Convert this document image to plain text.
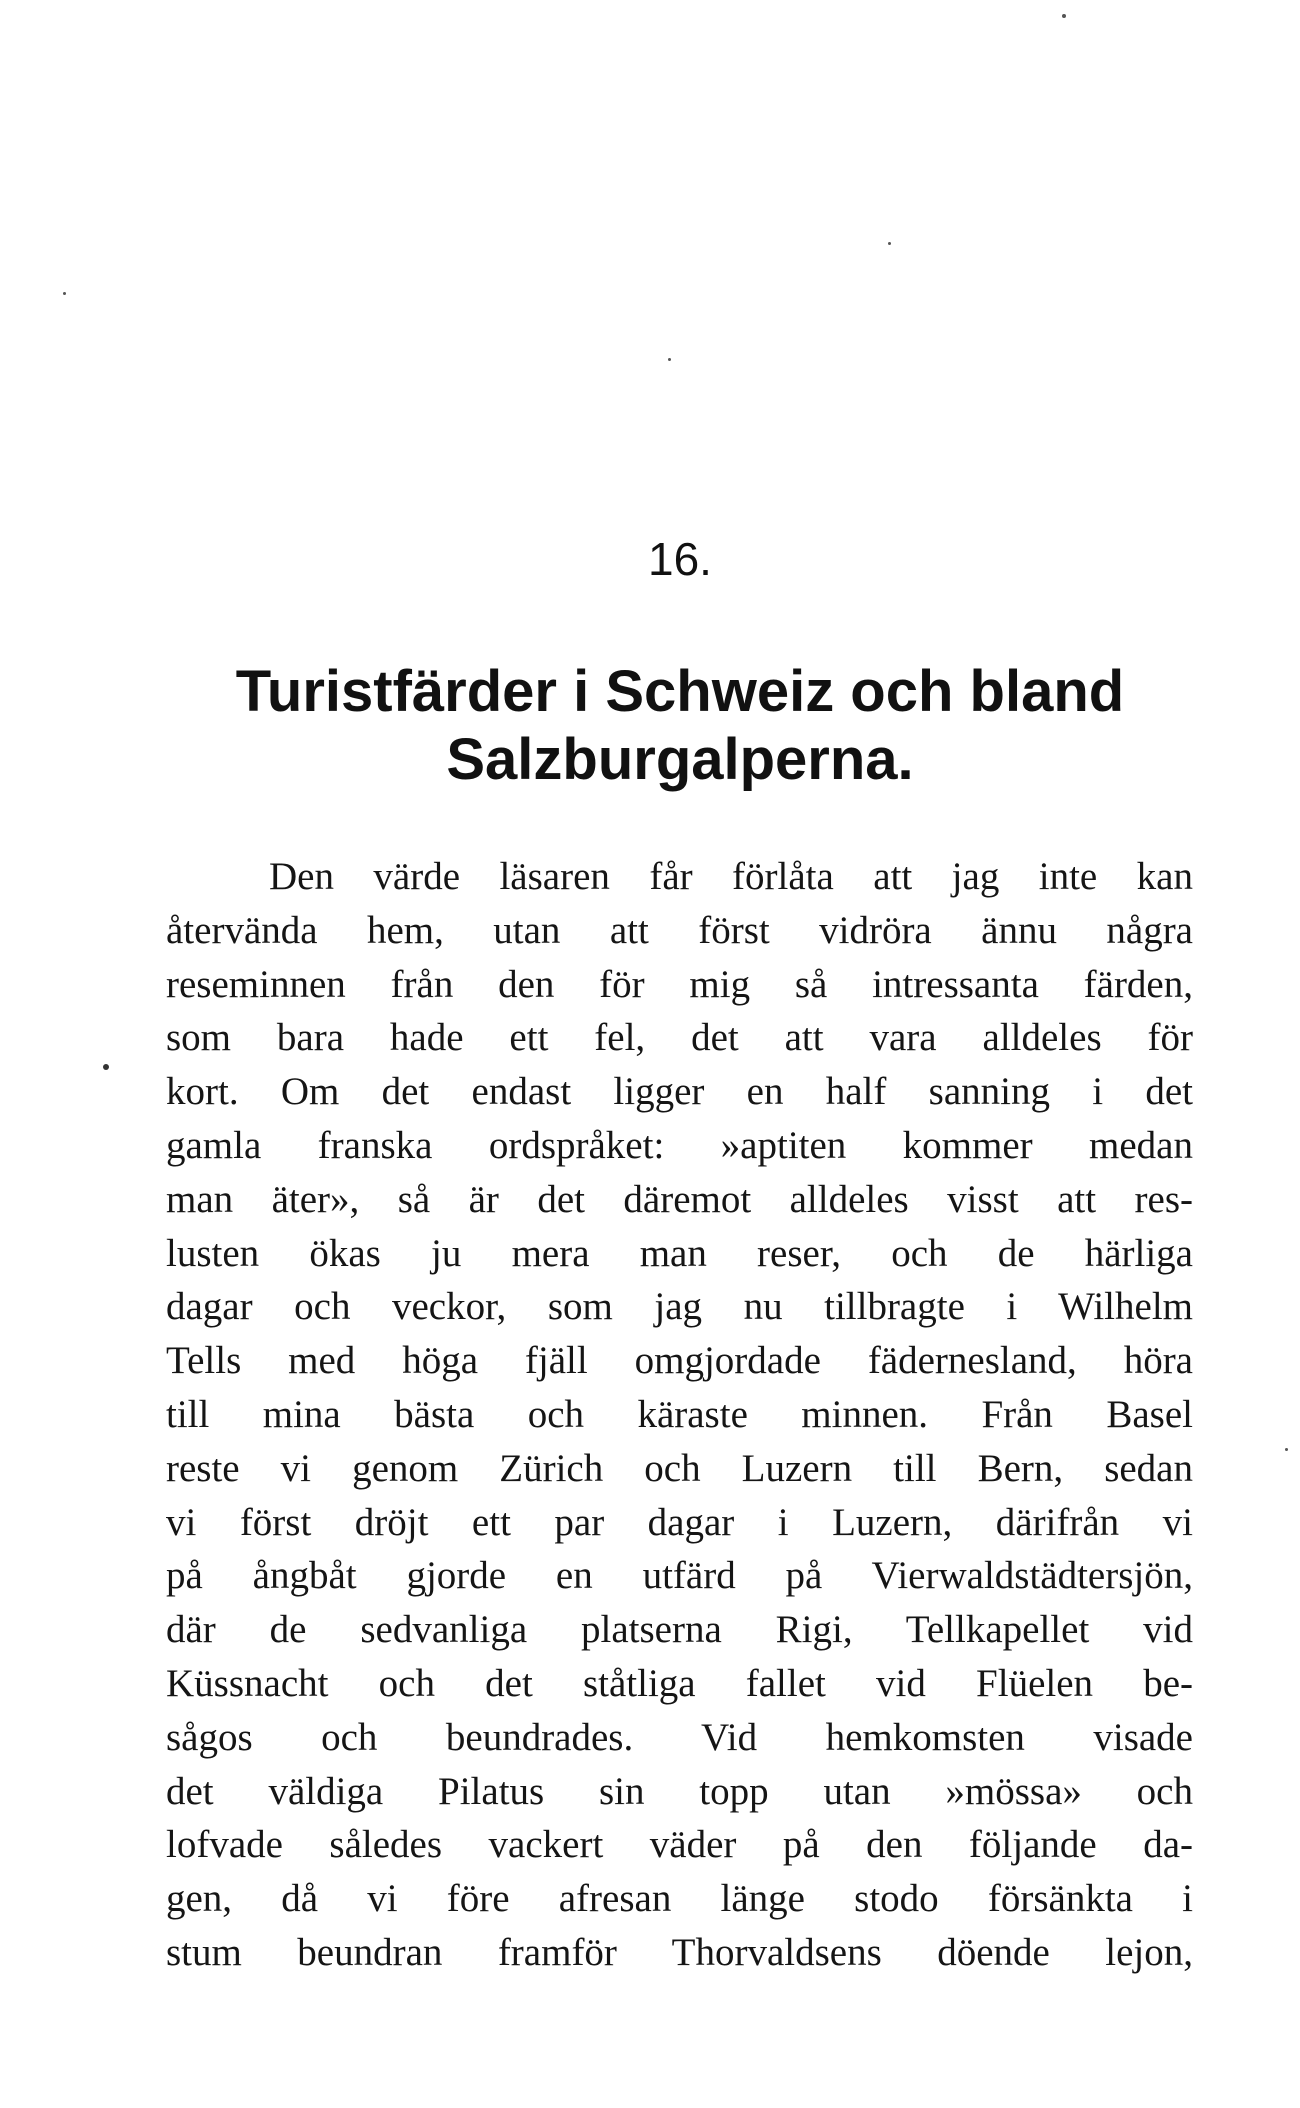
16.
Turistfärder i Schweiz och bland
Salzburgalperna.
Den värde läsaren får förlåta att jag inte kan
återvända hem, utan att först vidröra ännu några
reseminnen från den för mig så intressanta färden,
som bara hade ett fel, det att vara alldeles för
kort. Om det endast ligger en half sanning i det
gamla franska ordspråket: »aptiten kommer medan
man äter», så är det däremot alldeles visst att res-
lusten ökas ju mera man reser, och de härliga
dagar och veckor, som jag nu tillbragte i Wilhelm
Tells med höga fjäll omgjordade fädernesland, höra
till mina bästa och käraste minnen. Från Basel
reste vi genom Zürich och Luzern till Bern, sedan
vi först dröjt ett par dagar i Luzern, därifrån vi
på ångbåt gjorde en utfärd på Vierwaldstädtersjön,
där de sedvanliga platserna Rigi, Tellkapellet vid
Küssnacht och det ståtliga fallet vid Flüelen be-
sågos och beundrades. Vid hemkomsten visade
det väldiga Pilatus sin topp utan »mössa» och
lofvade således vackert väder på den följande da-
gen, då vi före afresan länge stodo försänkta i
stum beundran framför Thorvaldsens döende lejon,
